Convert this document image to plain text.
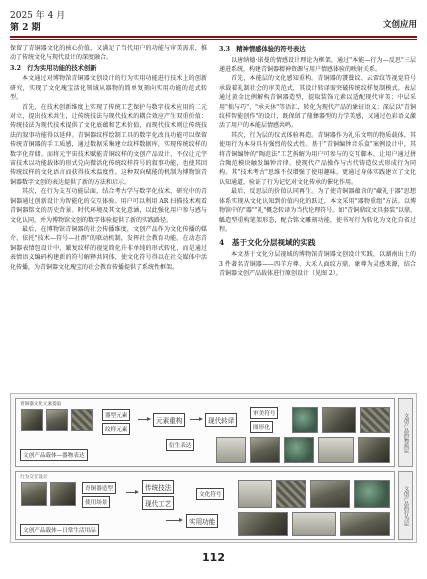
2025 年 4 月
第 2 期	文创应用

保留了青铜器文化的核心价值，又满足了当代用户的功能与审美需求，推动了传统文化与现代设计的深度融合。

3.2　行为实用功能的技术创新

本文通过对博物馆青铜器文创设计的行为实用功能进行技术上的创新研究，实现了文化瑰宝活化领域从器物的简单复刻向实用功能的范式转型。

首先，在技术创新维度上实现了传统工艺保护与数字技术应用的二元对立，提出技术共生，让传统技法与现代技术的耦合效应产生双重价值：传统技法为现代技术提供了文化底蕴和艺术价值，而现代技术则让传统技法的叙事功能得以延伸。青铜器纹样绘制工具的数字化改良功能可以保留传统青铜器的手工质感，通过数据采集建立纹样数据库，实现传统纹样的数字化存储。而将元宇宙技术赋能青铜纹样的文创产品设计，不仅让元宇宙技术以功能载体的形式兑向微活化传统纹样符号的叙事功能，也使其因传统纹样的文化语言而获得技术温度性。这种双向赋能的机制为博物馆青铜器数字文创的表达提供了新的方法和启示。

其次，在行为支互功能层面，结合考古学与数字化技术，研究中的青铜器通过创新设计为智能化的交互体验。用户可以利用 AR 扫描技术观看青铜器铭文的历史背景、时代环境及其文化意涵，以此强化用户参与感与文化认同，并为博物馆文创的数字体验提供了新的实践路径。

最后，在博物馆青铜器的社会传播维度，文创产品作为文化传播的媒介，依托"技术—符号—社群"的联动机制，发挥社会教育功能。在动态青铜器表情包设计中，繁复纹样的视觉简化升非单纯的形式转化，而是通过表情语义编码构建新的符号解释共同体，使文化符号得以在社交媒体中活化传播，为青铜器文化瑰宝的社会教育传播提供了系统性框架。

3.3　精神情感体验的符号表达

以唐纳德·诺曼的情感设计理论为框架，通过"本能—行为—反思"三层递进系统，构建青铜器精神资源与用户情感体验的映射关系。

首先，本能层的文化感知重构。青铜器的饕餮纹、云雷纹等视觉符号承载着礼制社会的审美范式，其设计转译需突破传统纹样复制模式。表层通过黄金比例解构青铜器造型，提取装饰元素以适配现代审美；中层采用"拙与巧"、"承天休"等语汇，转化为现代产品的象征语义；深层以"青铜纹样智能创作"的设计，既保留了鼎彝器型的力学美感，又通过色彩语义激活了用户的本能层情感共鸣。

其次，行为层的仪式体验再造。青铜器作为礼乐文明的物质载体，其使用行为本身具有强烈的仪式性。基于"青铜编钟音乐盒"案例设计中，其将青铜编钟的"陶范法"工艺拆解为用户可参与的交互脚本，让用户通过拼合陶范模块触发编钟音律。使现代产品操作与古代铸造仪式形成行为同构。其"技术考古"思维不仅增强了使用趣味，更通过身体实践建立了文化认知通道，验证了行为记忆对文化传承的催化作用。

最后，反思层的价值认同再生。为了使青铜器蕴含的"藏礼于器"思想体系实现从文化认知到价值内化的跃迁，本文采用"器物重组"方法。以博物馆中的"器""礼"概念转译为当代伦理符号。如"青铜鼎纹文具套装"以鼎、觚造型重构笔架形态，配合铭文雕刻功能，使书写行为转化为文化自省过程。

4　基于文化分层视域的实践

本文基于文化分层视域的博物馆青铜器文创设计实践，以湖南出土的 3 件著名青铜器——四羊方尊、大禾人面纹方鼎、象尊为灵感来源，结合青铜器文创产品载体进行原创设计（见图 2）。

青铜器文化元素提取
器型元素
纹样元素
元素重构	现代转译
审美符号
图形化
衍生表达
文创产品载体—器物表达
文创产品的物质层
行为交互设计
青铜器造型
使用场景
传统技法
现代工艺
文化符号
实用功能
文创产品载体—日常生活用品
文创产品的行为层
112
